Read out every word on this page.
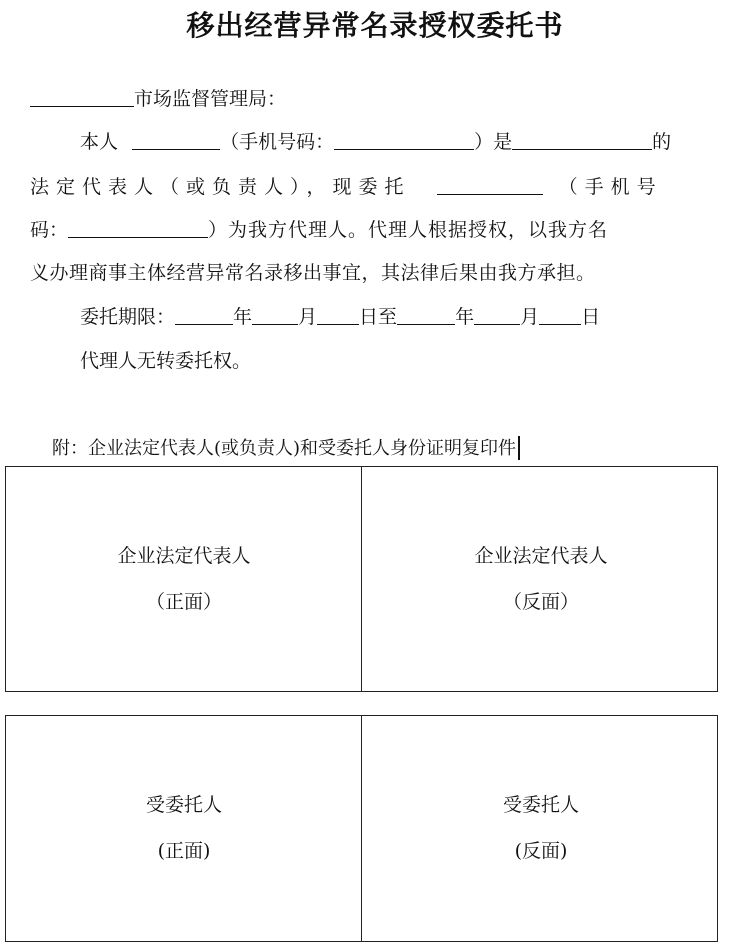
移出经营异常名录授权委托书
市场监督管理局：
本人	（手机号码：	）是	的
法定代表人（或负责人），现委托	（手机号
码：	）为我方代理人。代理人根据授权，以我方名
义办理商事主体经营异常名录移出事宜，其法律后果由我方承担。
委托期限：	年 月 日至	年 月 日
代理人无转委托权。
附：企业法定代表人(或负责人)和受委托人身份证明复印件
企业法定代表人
（正面）
企业法定代表人
（反面）
受委托人
(正面)
受委托人
(反面)
